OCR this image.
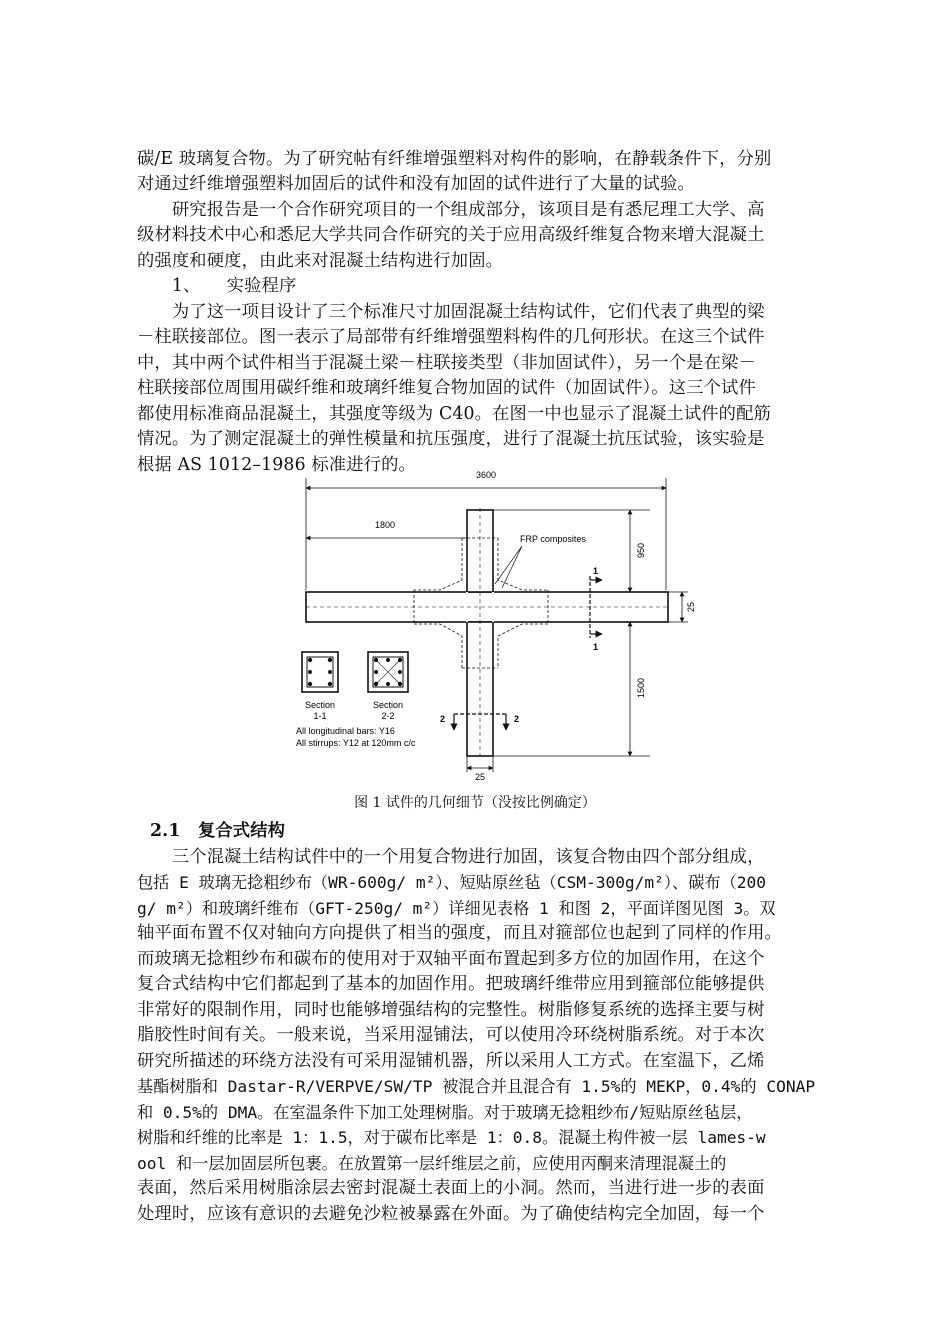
碳/E 玻璃复合物。为了研究帖有纤维增强塑料对构件的影响，在静载条件下，分别
对通过纤维增强塑料加固后的试件和没有加固的试件进行了大量的试验。
　　研究报告是一个合作研究项目的一个组成部分，该项目是有悉尼理工大学、高
级材料技术中心和悉尼大学共同合作研究的关于应用高级纤维复合物来增大混凝土
的强度和硬度，由此来对混凝土结构进行加固。
　　1、　　实验程序
　　为了这一项目设计了三个标准尺寸加固混凝土结构试件，它们代表了典型的梁
－柱联接部位。图一表示了局部带有纤维增强塑料构件的几何形状。在这三个试件
中，其中两个试件相当于混凝土梁－柱联接类型（非加固试件），另一个是在梁－
柱联接部位周围用碳纤维和玻璃纤维复合物加固的试件（加固试件）。这三个试件
都使用标准商品混凝土，其强度等级为 C40。在图一中也显示了混凝土试件的配筋
情况。为了测定混凝土的弹性模量和抗压强度，进行了混凝土抗压试验，该实验是
根据 AS 1012–1986 标准进行的。	3600
1800
FRP composites
950
25
1500
1
1
2	2
25
Section
1-1
Section
2-2
All longitudinal bars: Y16
All stirrups: Y12 at 120mm c/c
图 1 试件的几何细节（没按比例确定）
2.1　复合式结构
　　三个混凝土结构试件中的一个用复合物进行加固，该复合物由四个部分组成，
包括 E 玻璃无捻粗纱布（WR-600g/ m²）、短贴原丝毡（CSM-300g/m²）、碳布（200
g/ m²）和玻璃纤维布（GFT-250g/ m²）详细见表格 1 和图 2，平面详图见图 3。双
轴平面布置不仅对轴向方向提供了相当的强度，而且对箍部位也起到了同样的作用。
而玻璃无捻粗纱布和碳布的使用对于双轴平面布置起到多方位的加固作用，在这个
复合式结构中它们都起到了基本的加固作用。把玻璃纤维带应用到箍部位能够提供
非常好的限制作用，同时也能够增强结构的完整性。树脂修复系统的选择主要与树
脂胶性时间有关。一般来说，当采用湿铺法，可以使用冷环绕树脂系统。对于本次
研究所描述的环绕方法没有可采用湿铺机器，所以采用人工方式。在室温下，乙烯
基酯树脂和 Dastar-R/VERPVE/SW/TP 被混合并且混合有 1.5%的 MEKP，0.4%的 CONAP
和 0.5%的 DMA。在室温条件下加工处理树脂。对于玻璃无捻粗纱布/短贴原丝毡层，
树脂和纤维的比率是 1：1.5，对于碳布比率是 1：0.8。混凝土构件被一层 lames-w
ool 和一层加固层所包裹。在放置第一层纤维层之前，应使用丙酮来清理混凝土的
表面，然后采用树脂涂层去密封混凝土表面上的小洞。然而，当进行进一步的表面
处理时，应该有意识的去避免沙粒被暴露在外面。为了确使结构完全加固，每一个
